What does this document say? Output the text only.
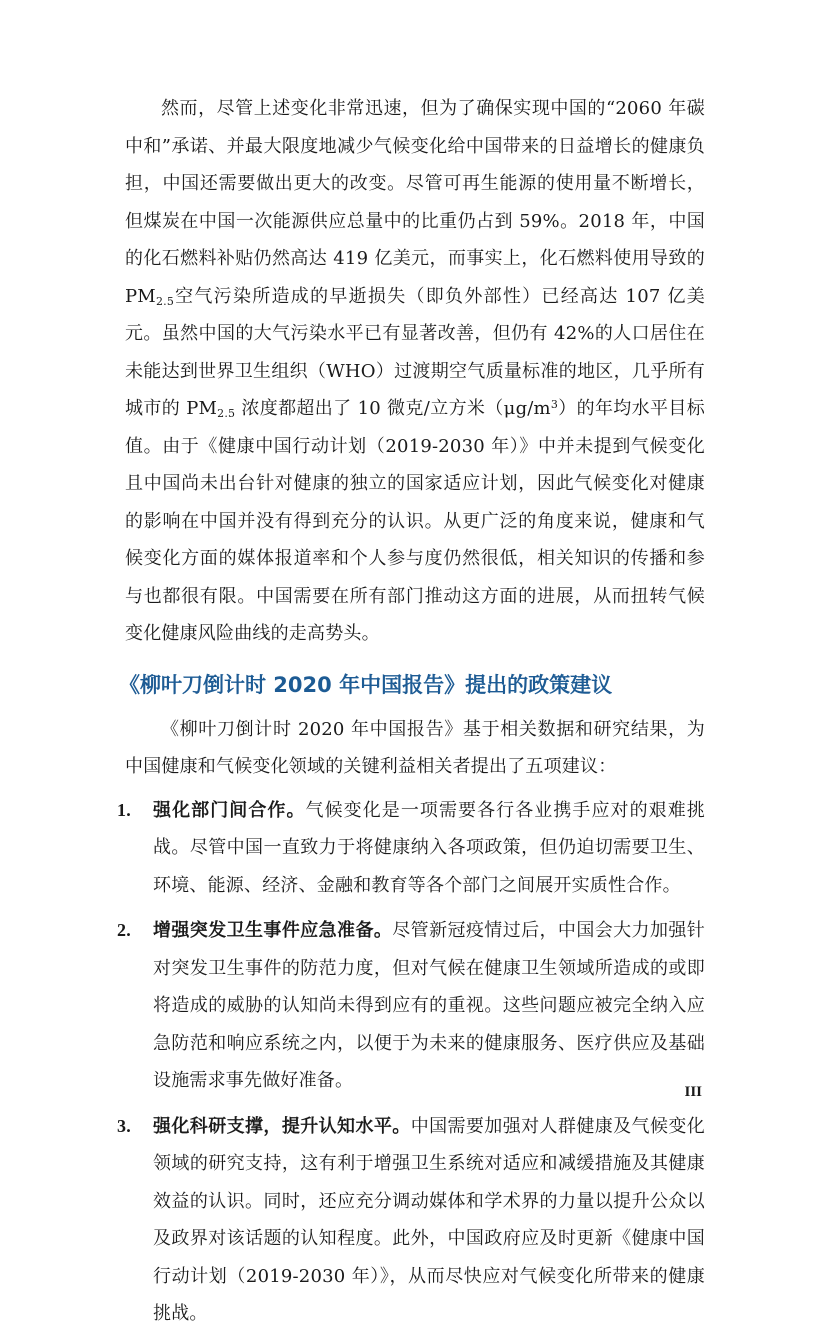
然而，尽管上述变化非常迅速，但为了确保实现中国的“2060 年碳中和”承诺、并最大限度地减少气候变化给中国带来的日益增长的健康负担，中国还需要做出更大的改变。尽管可再生能源的使用量不断增长，但煤炭在中国一次能源供应总量中的比重仍占到 59%。2018 年，中国的化石燃料补贴仍然高达 419 亿美元，而事实上，化石燃料使用导致的 $PM_{2.5}$空气污染所造成的早逝损失（即负外部性）已经高达 107 亿美元。虽然中国的大气污染水平已有显著改善，但仍有 42%的人口居住在未能达到世界卫生组织（WHO）过渡期空气质量标准的地区，几乎所有城市的 $PM_{2.5}$ 浓度都超出了 10 微克/立方米$(\mu g/m^3)$的年均水平目标值。由于《健康中国行动计划（2019-2030 年）》中并未提到气候变化且中国尚未出台针对健康的独立的国家适应计划，因此气候变化对健康的影响在中国并没有得到充分的认识。从更广泛的角度来说，健康和气候变化方面的媒体报道率和个人参与度仍然很低，相关知识的传播和参与也都很有限。中国需要在所有部门推动这方面的进展，从而扭转气候变化健康风险曲线的走高势头。

《柳叶刀倒计时 2020 年中国报告》提出的政策建议

《柳叶刀倒计时 2020 年中国报告》基于相关数据和研究结果，为中国健康和气候变化领域的关键利益相关者提出了五项建议：

1. 强化部门间合作。气候变化是一项需要各行各业携手应对的艰难挑战。尽管中国一直致力于将健康纳入各项政策，但仍迫切需要卫生、环境、能源、经济、金融和教育等各个部门之间展开实质性合作。
2. 增强突发卫生事件应急准备。尽管新冠疫情过后，中国会大力加强针对突发卫生事件的防范力度，但对气候在健康卫生领域所造成的或即将造成的威胁的认知尚未得到应有的重视。这些问题应被完全纳入应急防范和响应系统之内，以便于为未来的健康服务、医疗供应及基础设施需求事先做好准备。
3. 强化科研支撑，提升认知水平。中国需要加强对人群健康及气候变化领域的研究支持，这有利于增强卫生系统对适应和减缓措施及其健康效益的认识。同时，还应充分调动媒体和学术界的力量以提升公众以及政界对该话题的认知程度。此外，中国政府应及时更新《健康中国行动计划（2019-2030 年）》，从而尽快应对气候变化所带来的健康挑战。
III
